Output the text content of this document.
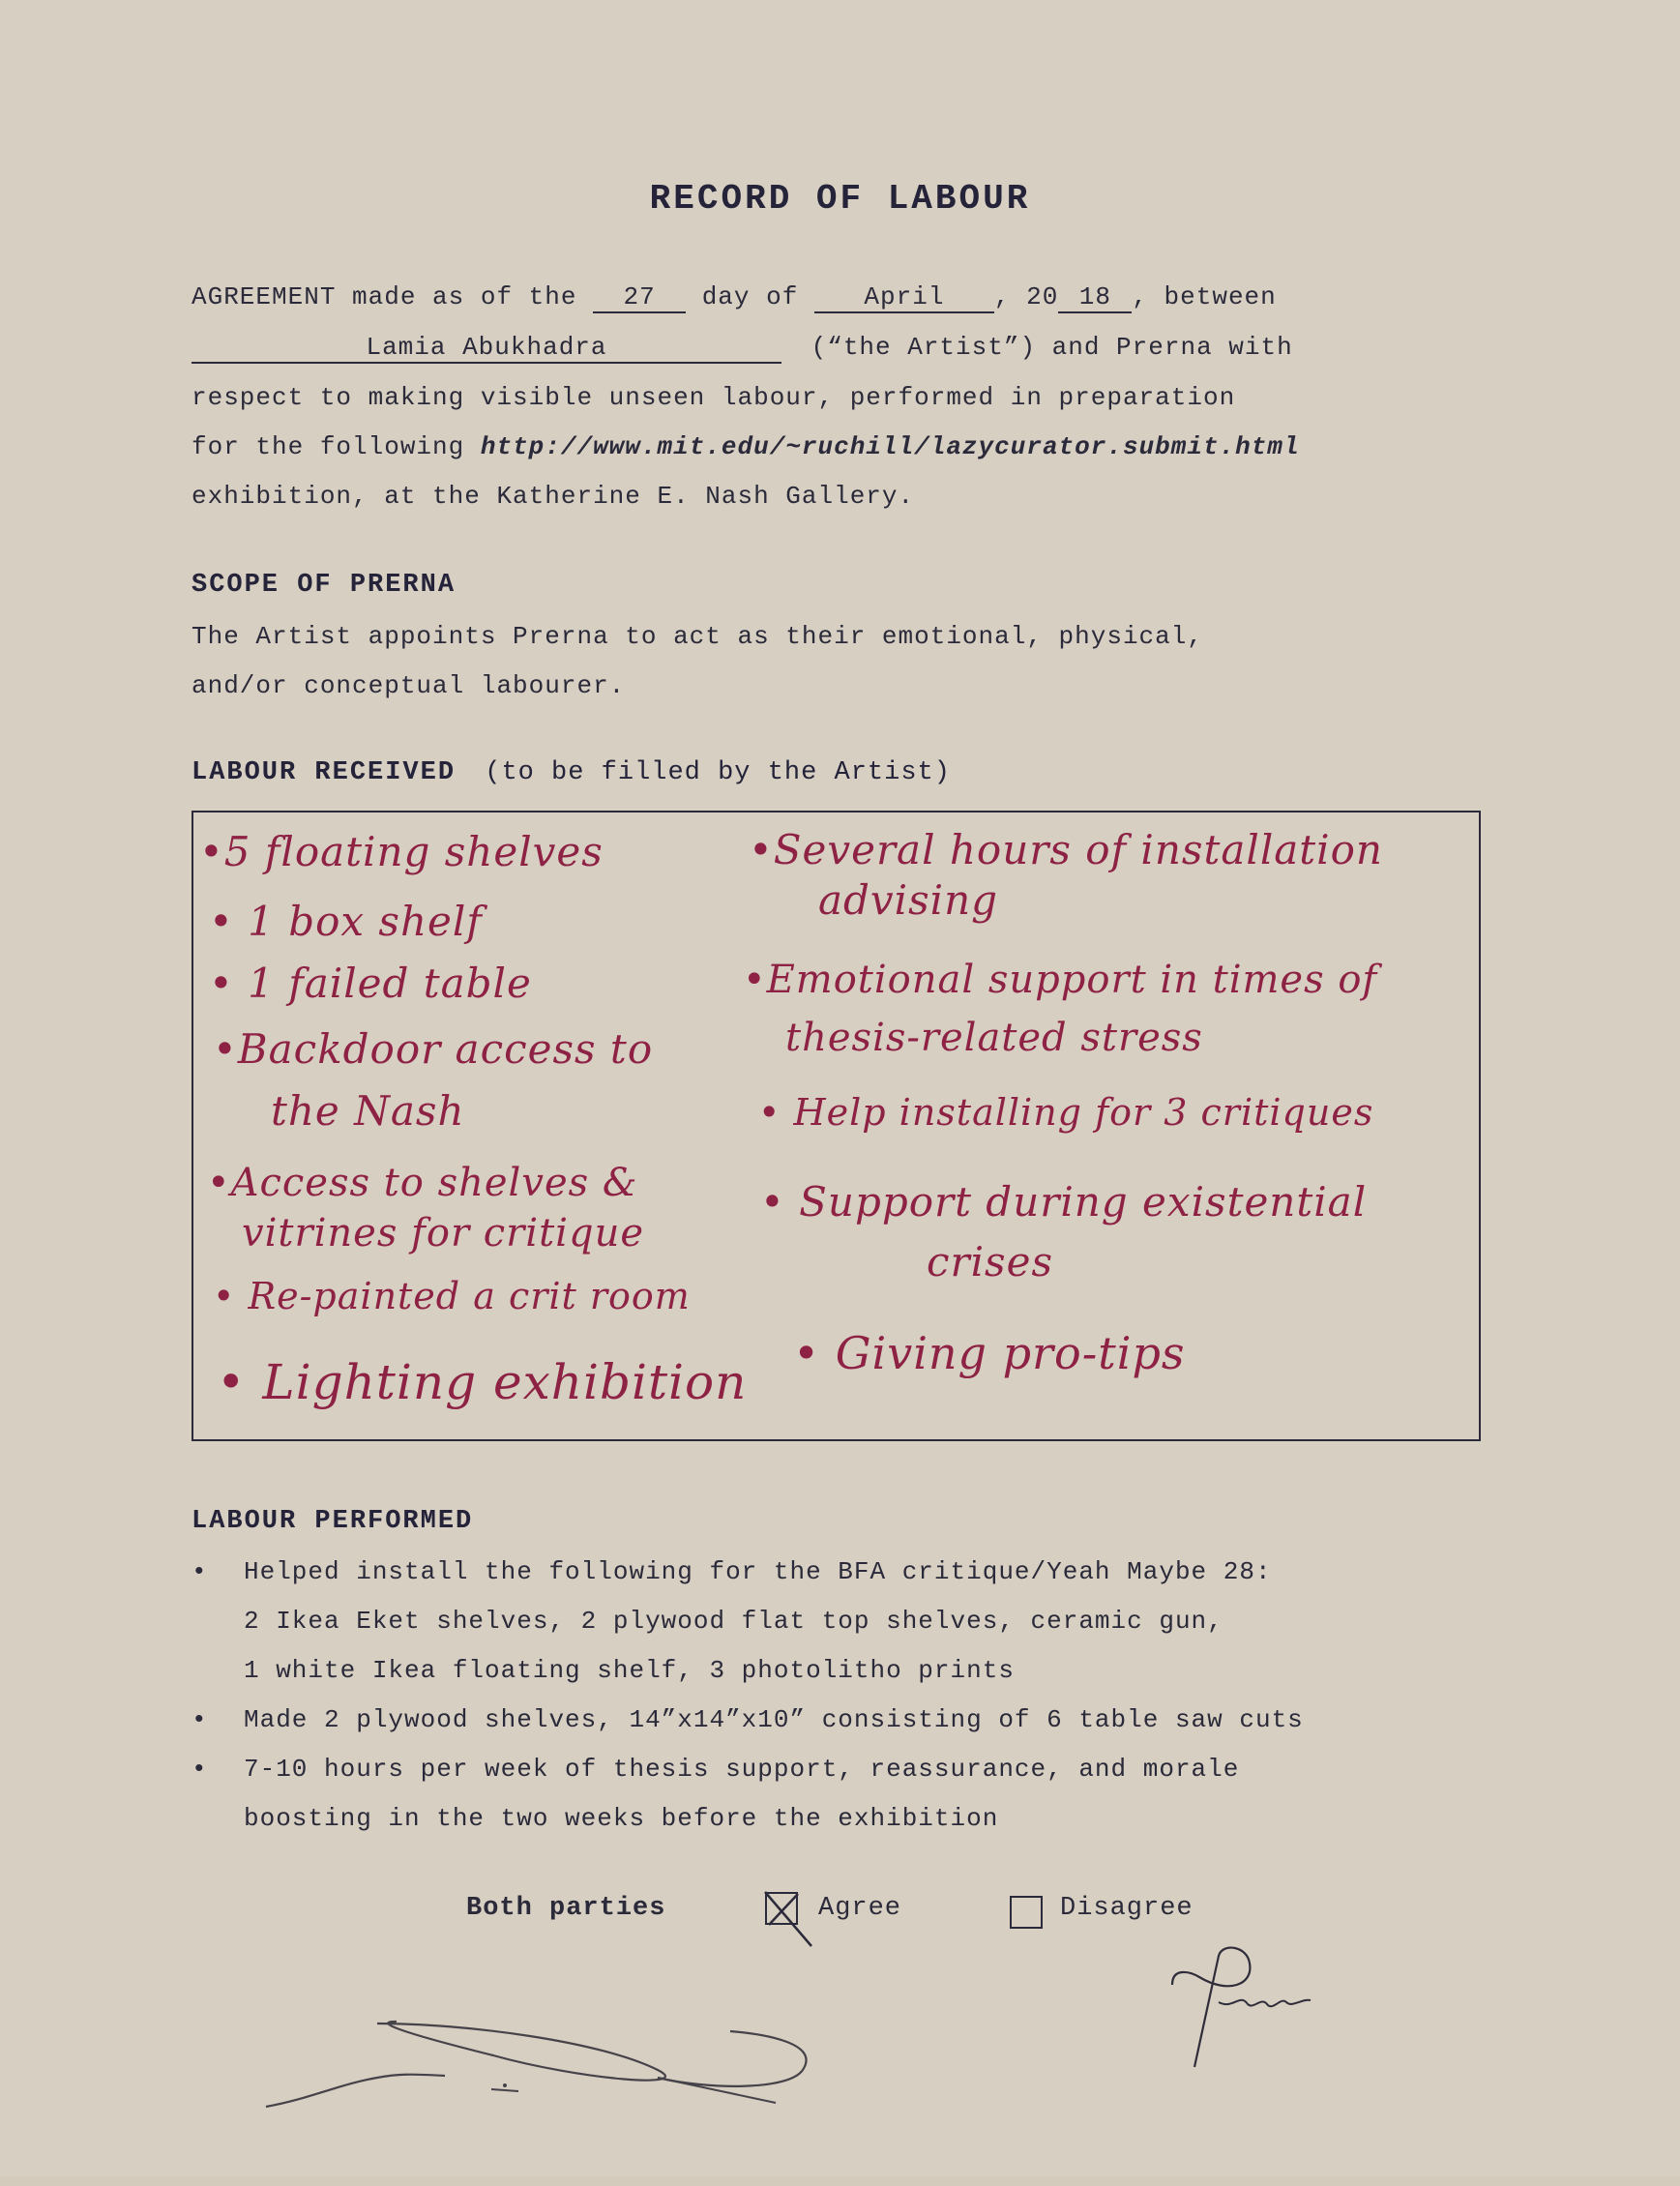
RECORD OF LABOUR
AGREEMENT made as of the 27 day of	April , 20 18 , between
Lamia Abukhadra	(“the Artist”) and Prerna with
respect to making visible unseen labour, performed in preparation
for the following http://www.mit.edu/~ruchill/lazycurator.submit.html
exhibition, at the Katherine E. Nash Gallery.
SCOPE OF PRERNA
The Artist appoints Prerna to act as their emotional, physical,
and/or conceptual labourer.
LABOUR RECEIVED (to be filled by the Artist)
•5 floating shelves
• 1 box shelf
• 1 failed table
•Backdoor access to
the Nash
•Access to shelves &
vitrines for critique
• Re-painted a crit room
• Lighting exhibition
•Several hours of installation
advising
•Emotional support in times of
thesis-related stress
• Help installing for 3 critiques
• Support during existential
crises
• Giving pro-tips
LABOUR PERFORMED
• Helped install the following for the BFA critique/Yeah Maybe 28:
2 Ikea Eket shelves, 2 plywood flat top shelves, ceramic gun,
1 white Ikea floating shelf, 3 photolitho prints
• Made 2 plywood shelves, 14”x14”x10” consisting of 6 table saw cuts
• 7-10 hours per week of thesis support, reassurance, and morale
boosting in the two weeks before the exhibition
Both parties	Agree	Disagree
